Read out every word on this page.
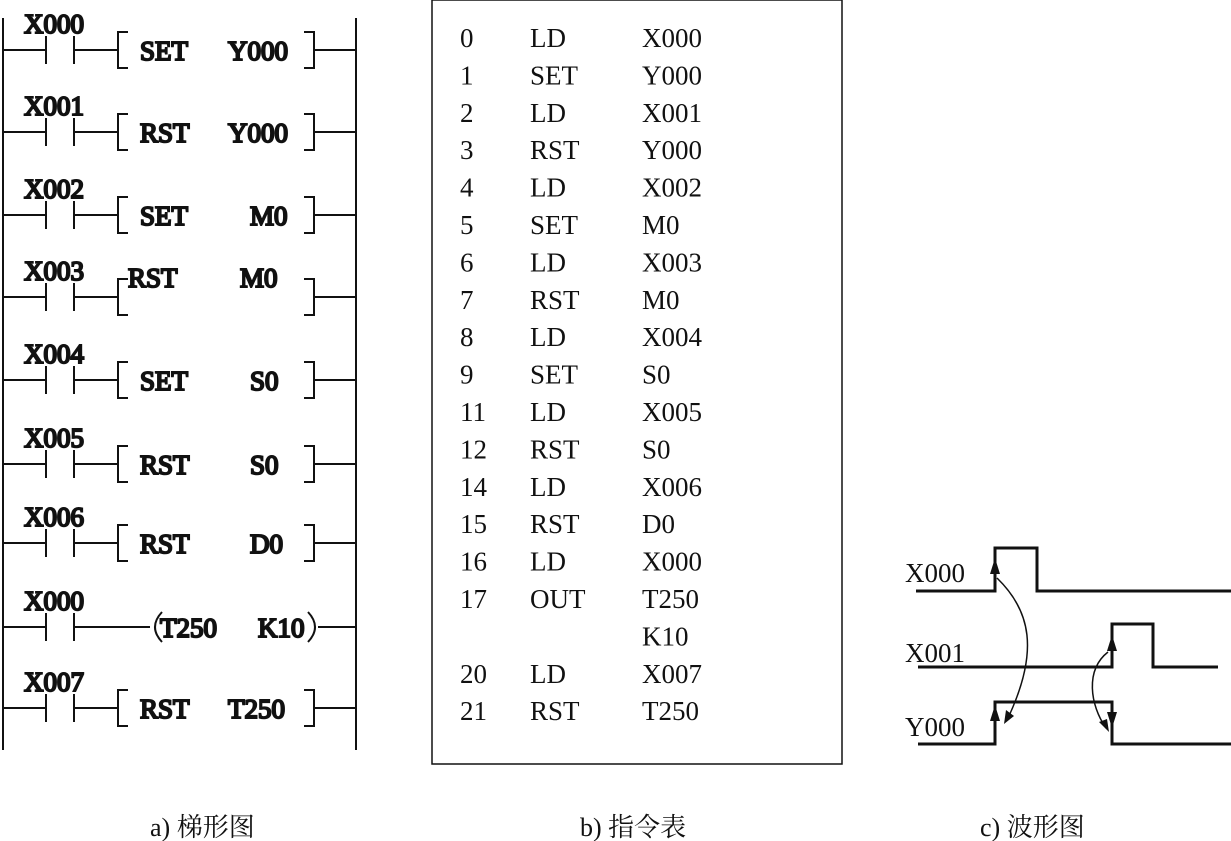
X000
SET Y000
X001
RST Y000
X002
SET M0
X003 RST M0
X004
SET S0
X005
RST S0
X006
RST D0
X000
T250 K10
X007
RST T250
a) 梯形图
0 LD	X000
1 SET Y000
2 LD	X001
3 RST Y000
4 LD	X002
5 SET M0
6 LD	X003
7 RST M0
8 LD	X004
9 SET S0
11 LD	X005
12 RST S0
14 LD	X006
15 RST D0
16 LD	X000
17 OUT T250
K10
20 LD	X007
21 RST T250
b) 指令表
X000
X001
Y000
c) 波形图
